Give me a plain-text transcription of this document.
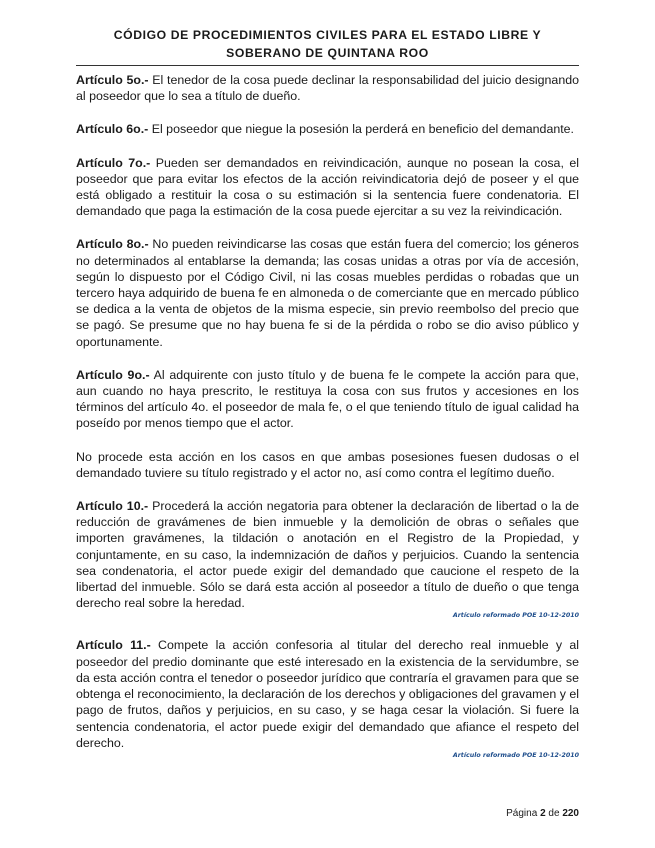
CÓDIGO DE PROCEDIMIENTOS CIVILES PARA EL ESTADO LIBRE Y
SOBERANO DE QUINTANA ROO

Artículo 5o.- El tenedor de la cosa puede declinar la responsabilidad del juicio designando al poseedor que lo sea a título de dueño.

Artículo 6o.- El poseedor que niegue la posesión la perderá en beneficio del demandante.

Artículo 7o.- Pueden ser demandados en reivindicación, aunque no posean la cosa, el poseedor que para evitar los efectos de la acción reivindicatoria dejó de poseer y el que está obligado a restituir la cosa o su estimación si la sentencia fuere condenatoria. El demandado que paga la estimación de la cosa puede ejercitar a su vez la reivindicación.

Artículo 8o.- No pueden reivindicarse las cosas que están fuera del comercio; los géneros no determinados al entablarse la demanda; las cosas unidas a otras por vía de accesión, según lo dispuesto por el Código Civil, ni las cosas muebles perdidas o robadas que un tercero haya adquirido de buena fe en almoneda o de comerciante que en mercado público se dedica a la venta de objetos de la misma especie, sin previo reembolso del precio que se pagó. Se presume que no hay buena fe si de la pérdida o robo se dio aviso público y oportunamente.

Artículo 9o.- Al adquirente con justo título y de buena fe le compete la acción para que, aun cuando no haya prescrito, le restituya la cosa con sus frutos y accesiones en los términos del artículo 4o. el poseedor de mala fe, o el que teniendo título de igual calidad ha poseído por menos tiempo que el actor.

No procede esta acción en los casos en que ambas posesiones fuesen dudosas o el demandado tuviere su título registrado y el actor no, así como contra el legítimo dueño.

Artículo 10.- Procederá la acción negatoria para obtener la declaración de libertad o la de reducción de gravámenes de bien inmueble y la demolición de obras o señales que importen gravámenes, la tildación o anotación en el Registro de la Propiedad, y conjuntamente, en su caso, la indemnización de daños y perjuicios. Cuando la sentencia sea condenatoria, el actor puede exigir del demandado que caucione el respeto de la libertad del inmueble. Sólo se dará esta acción al poseedor a título de dueño o que tenga derecho real sobre la heredad.

Artículo reformado POE 10-12-2010

Artículo 11.- Compete la acción confesoria al titular del derecho real inmueble y al poseedor del predio dominante que esté interesado en la existencia de la servidumbre, se da esta acción contra el tenedor o poseedor jurídico que contraría el gravamen para que se obtenga el reconocimiento, la declaración de los derechos y obligaciones del gravamen y el pago de frutos, daños y perjuicios, en su caso, y se haga cesar la violación. Si fuere la sentencia condenatoria, el actor puede exigir del demandado que afiance el respeto del derecho.

Artículo reformado POE 10-12-2010
Página 2 de 220
